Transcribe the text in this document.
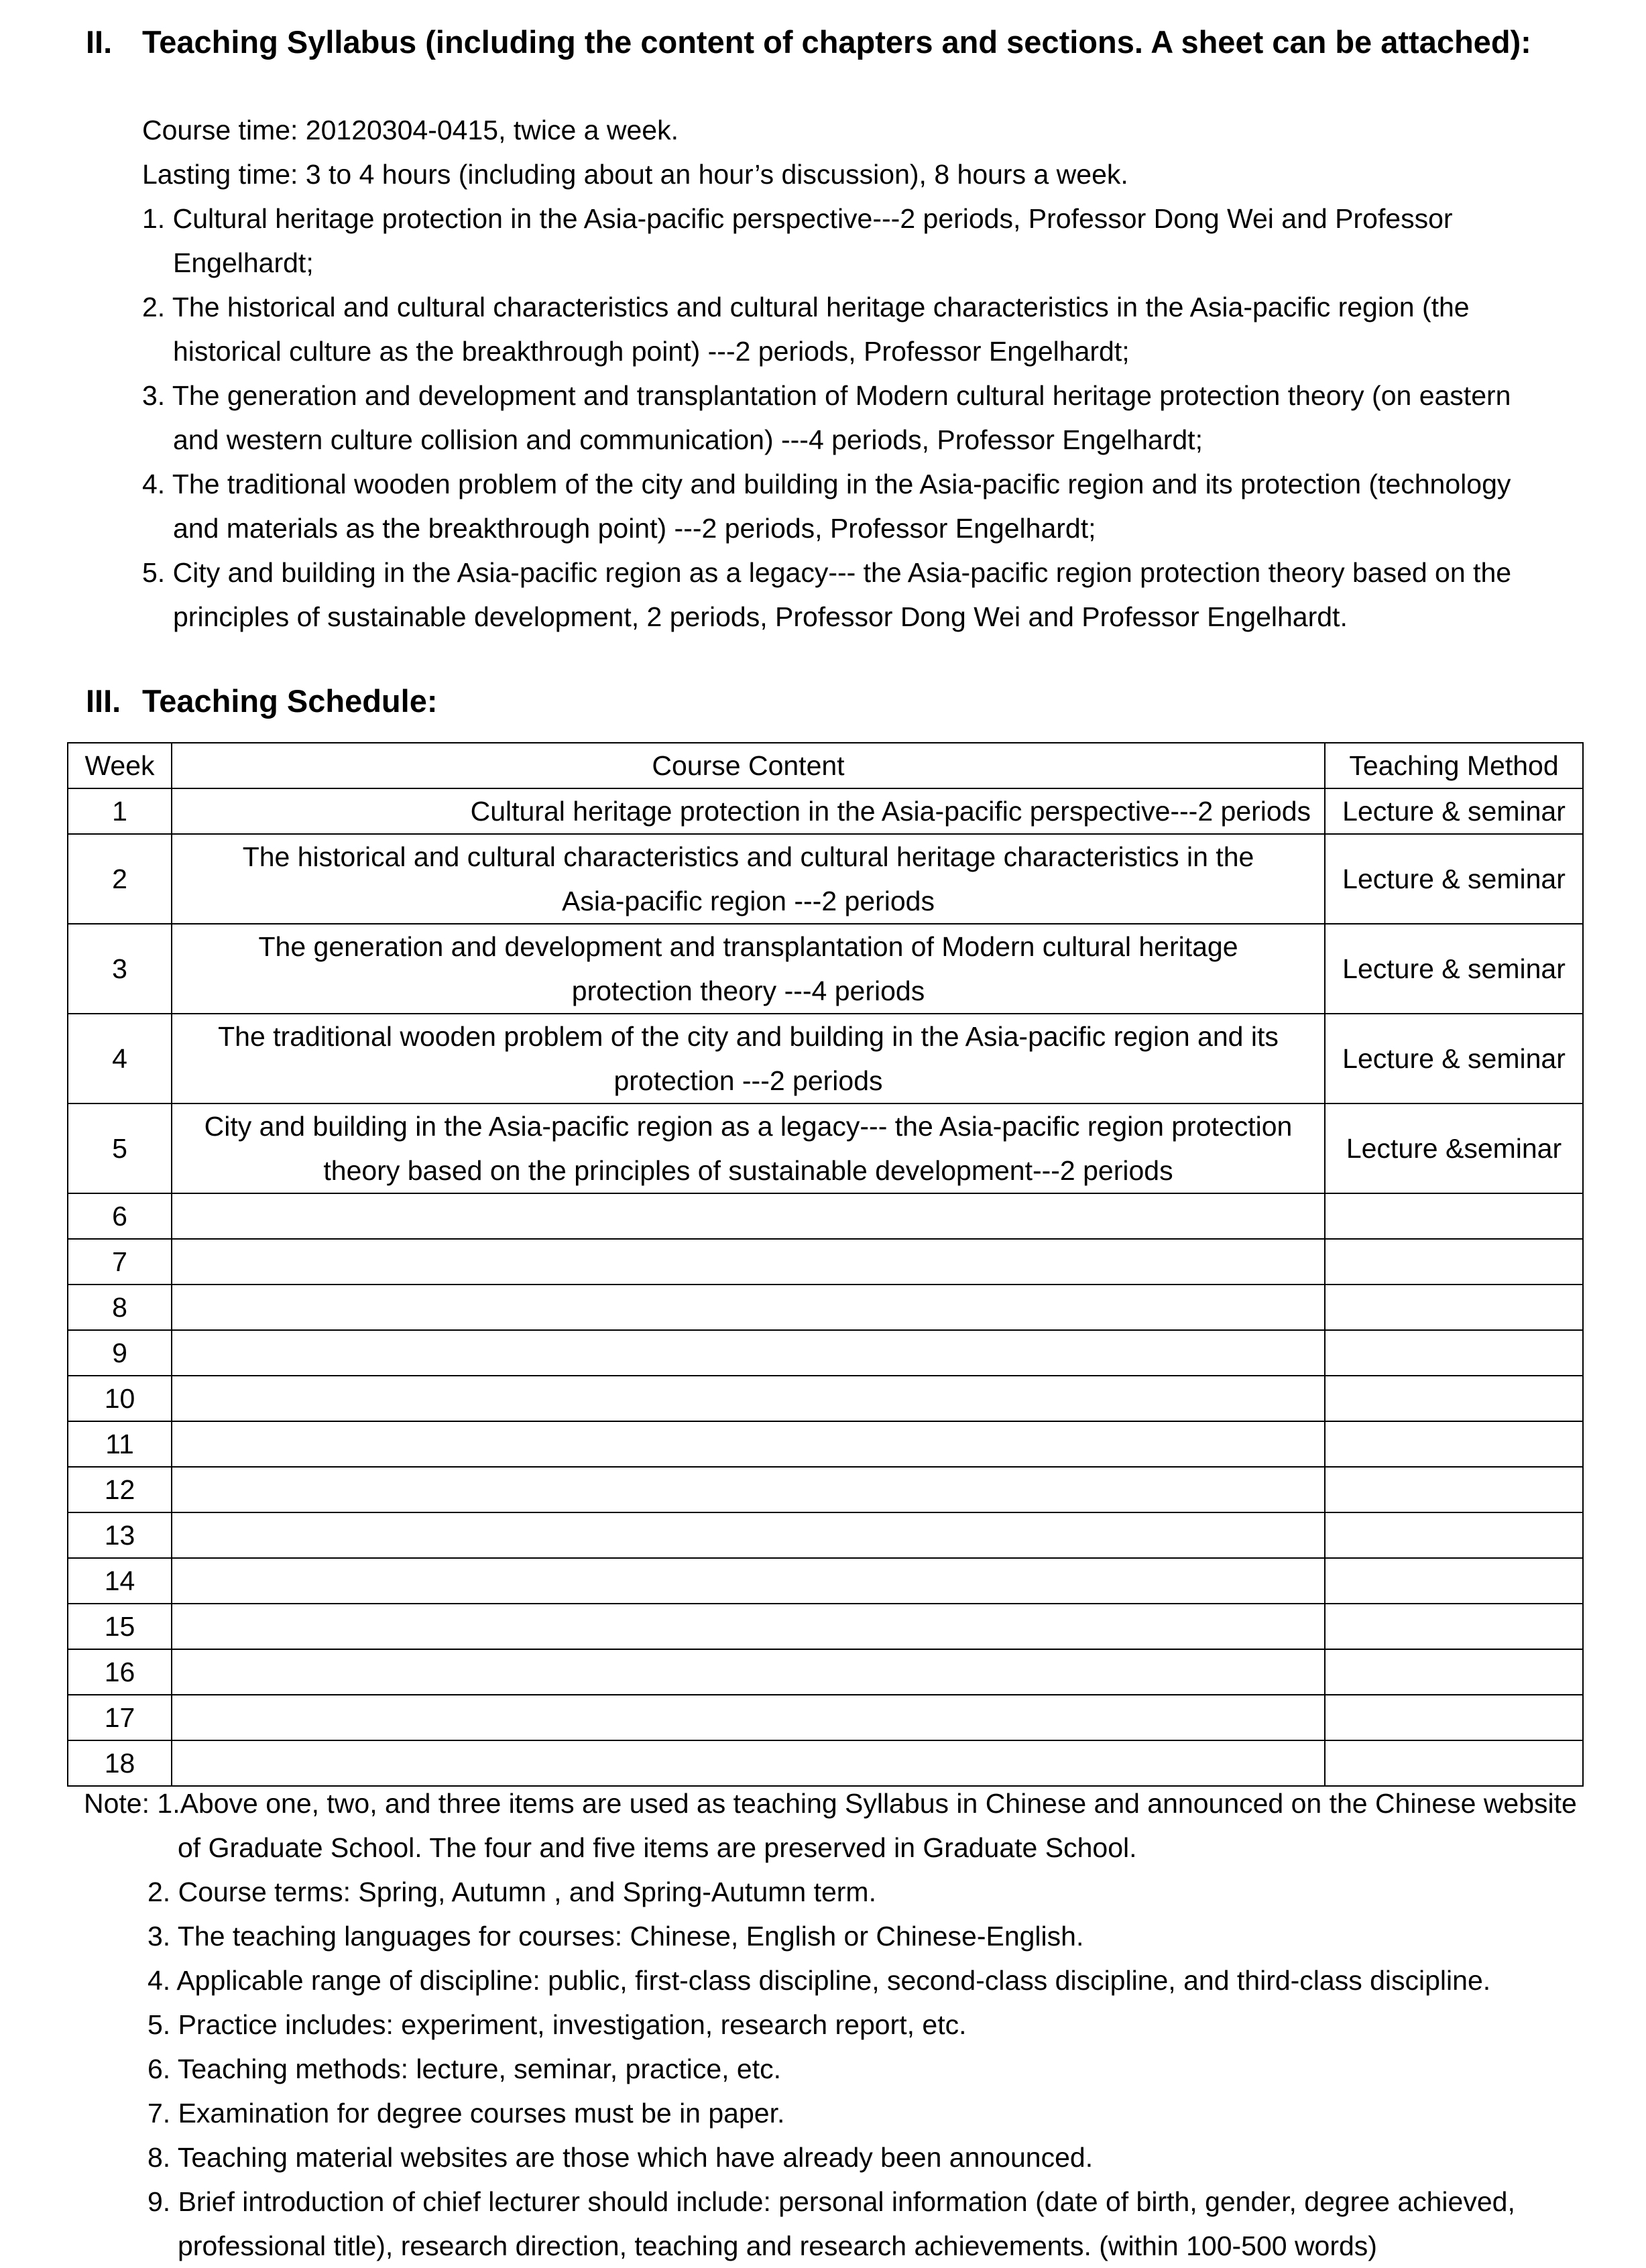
II. Teaching Syllabus (including the content of chapters and sections. A sheet can be attached):
Course time: 20120304-0415, twice a week.
Lasting time: 3 to 4 hours (including about an hour’s discussion), 8 hours a week.
1. Cultural heritage protection in the Asia-pacific perspective---2 periods, Professor Dong Wei and Professor
Engelhardt;
2. The historical and cultural characteristics and cultural heritage characteristics in the Asia-pacific region (the
historical culture as the breakthrough point) ---2 periods, Professor Engelhardt;
3. The generation and development and transplantation of Modern cultural heritage protection theory (on eastern
and western culture collision and communication) ---4 periods, Professor Engelhardt;
4. The traditional wooden problem of the city and building in the Asia-pacific region and its protection (technology
and materials as the breakthrough point) ---2 periods, Professor Engelhardt;
5. City and building in the Asia-pacific region as a legacy--- the Asia-pacific region protection theory based on the
principles of sustainable development, 2 periods, Professor Dong Wei and Professor Engelhardt.
III. Teaching Schedule:
Week	Course Content	Teaching Method
1	Cultural heritage protection in the Asia-pacific perspective---2 periods	Lecture & seminar
2	The historical and cultural characteristics and cultural heritage characteristics in the
Asia-pacific region ---2 periods	Lecture & seminar
3	The generation and development and transplantation of Modern cultural heritage
protection theory ---4 periods	Lecture & seminar
4	The traditional wooden problem of the city and building in the Asia-pacific region and its
protection ---2 periods	Lecture & seminar
5	City and building in the Asia-pacific region as a legacy--- the Asia-pacific region protection
theory based on the principles of sustainable development---2 periods	Lecture &seminar
6		
7		
8		
9		
10		
11		
12		
13		
14		
15		
16		
17		
18		
Note: 1.Above one, two, and three items are used as teaching Syllabus in Chinese and announced on the Chinese website
of Graduate School. The four and five items are preserved in Graduate School.
2. Course terms: Spring, Autumn , and Spring-Autumn term.
3. The teaching languages for courses: Chinese, English or Chinese-English.
4. Applicable range of discipline: public, first-class discipline, second-class discipline, and third-class discipline.
5. Practice includes: experiment, investigation, research report, etc.
6. Teaching methods: lecture, seminar, practice, etc.
7. Examination for degree courses must be in paper.
8. Teaching material websites are those which have already been announced.
9. Brief introduction of chief lecturer should include: personal information (date of birth, gender, degree achieved,
professional title), research direction, teaching and research achievements. (within 100-500 words)
